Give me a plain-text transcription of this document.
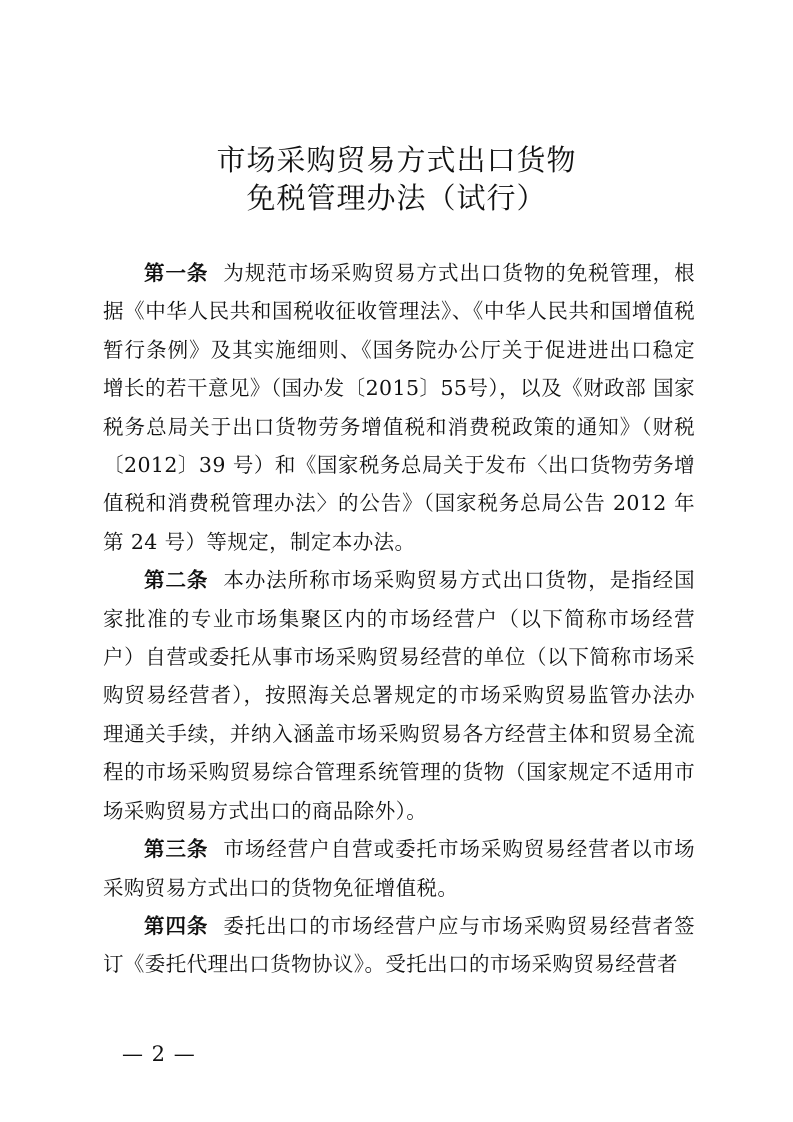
市场采购贸易方式出口货物
免税管理办法（试行）

第一条 为规范市场采购贸易方式出口货物的免税管理，根据《中华人民共和国税收征收管理法》、《中华人民共和国增值税暂行条例》及其实施细则、《国务院办公厅关于促进进出口稳定增长的若干意见》（国办发〔2015〕55号），以及《财政部 国家税务总局关于出口货物劳务增值税和消费税政策的通知》（财税〔2012〕39 号）和《国家税务总局关于发布〈出口货物劳务增值税和消费税管理办法〉的公告》（国家税务总局公告 2012 年第 24 号）等规定，制定本办法。

第二条 本办法所称市场采购贸易方式出口货物，是指经国家批准的专业市场集聚区内的市场经营户（以下简称市场经营户）自营或委托从事市场采购贸易经营的单位（以下简称市场采购贸易经营者），按照海关总署规定的市场采购贸易监管办法办理通关手续，并纳入涵盖市场采购贸易各方经营主体和贸易全流程的市场采购贸易综合管理系统管理的货物（国家规定不适用市场采购贸易方式出口的商品除外）。

第三条 市场经营户自营或委托市场采购贸易经营者以市场采购贸易方式出口的货物免征增值税。

第四条 委托出口的市场经营户应与市场采购贸易经营者签订《委托代理出口货物协议》。受托出口的市场采购贸易经营者

— 2 —
